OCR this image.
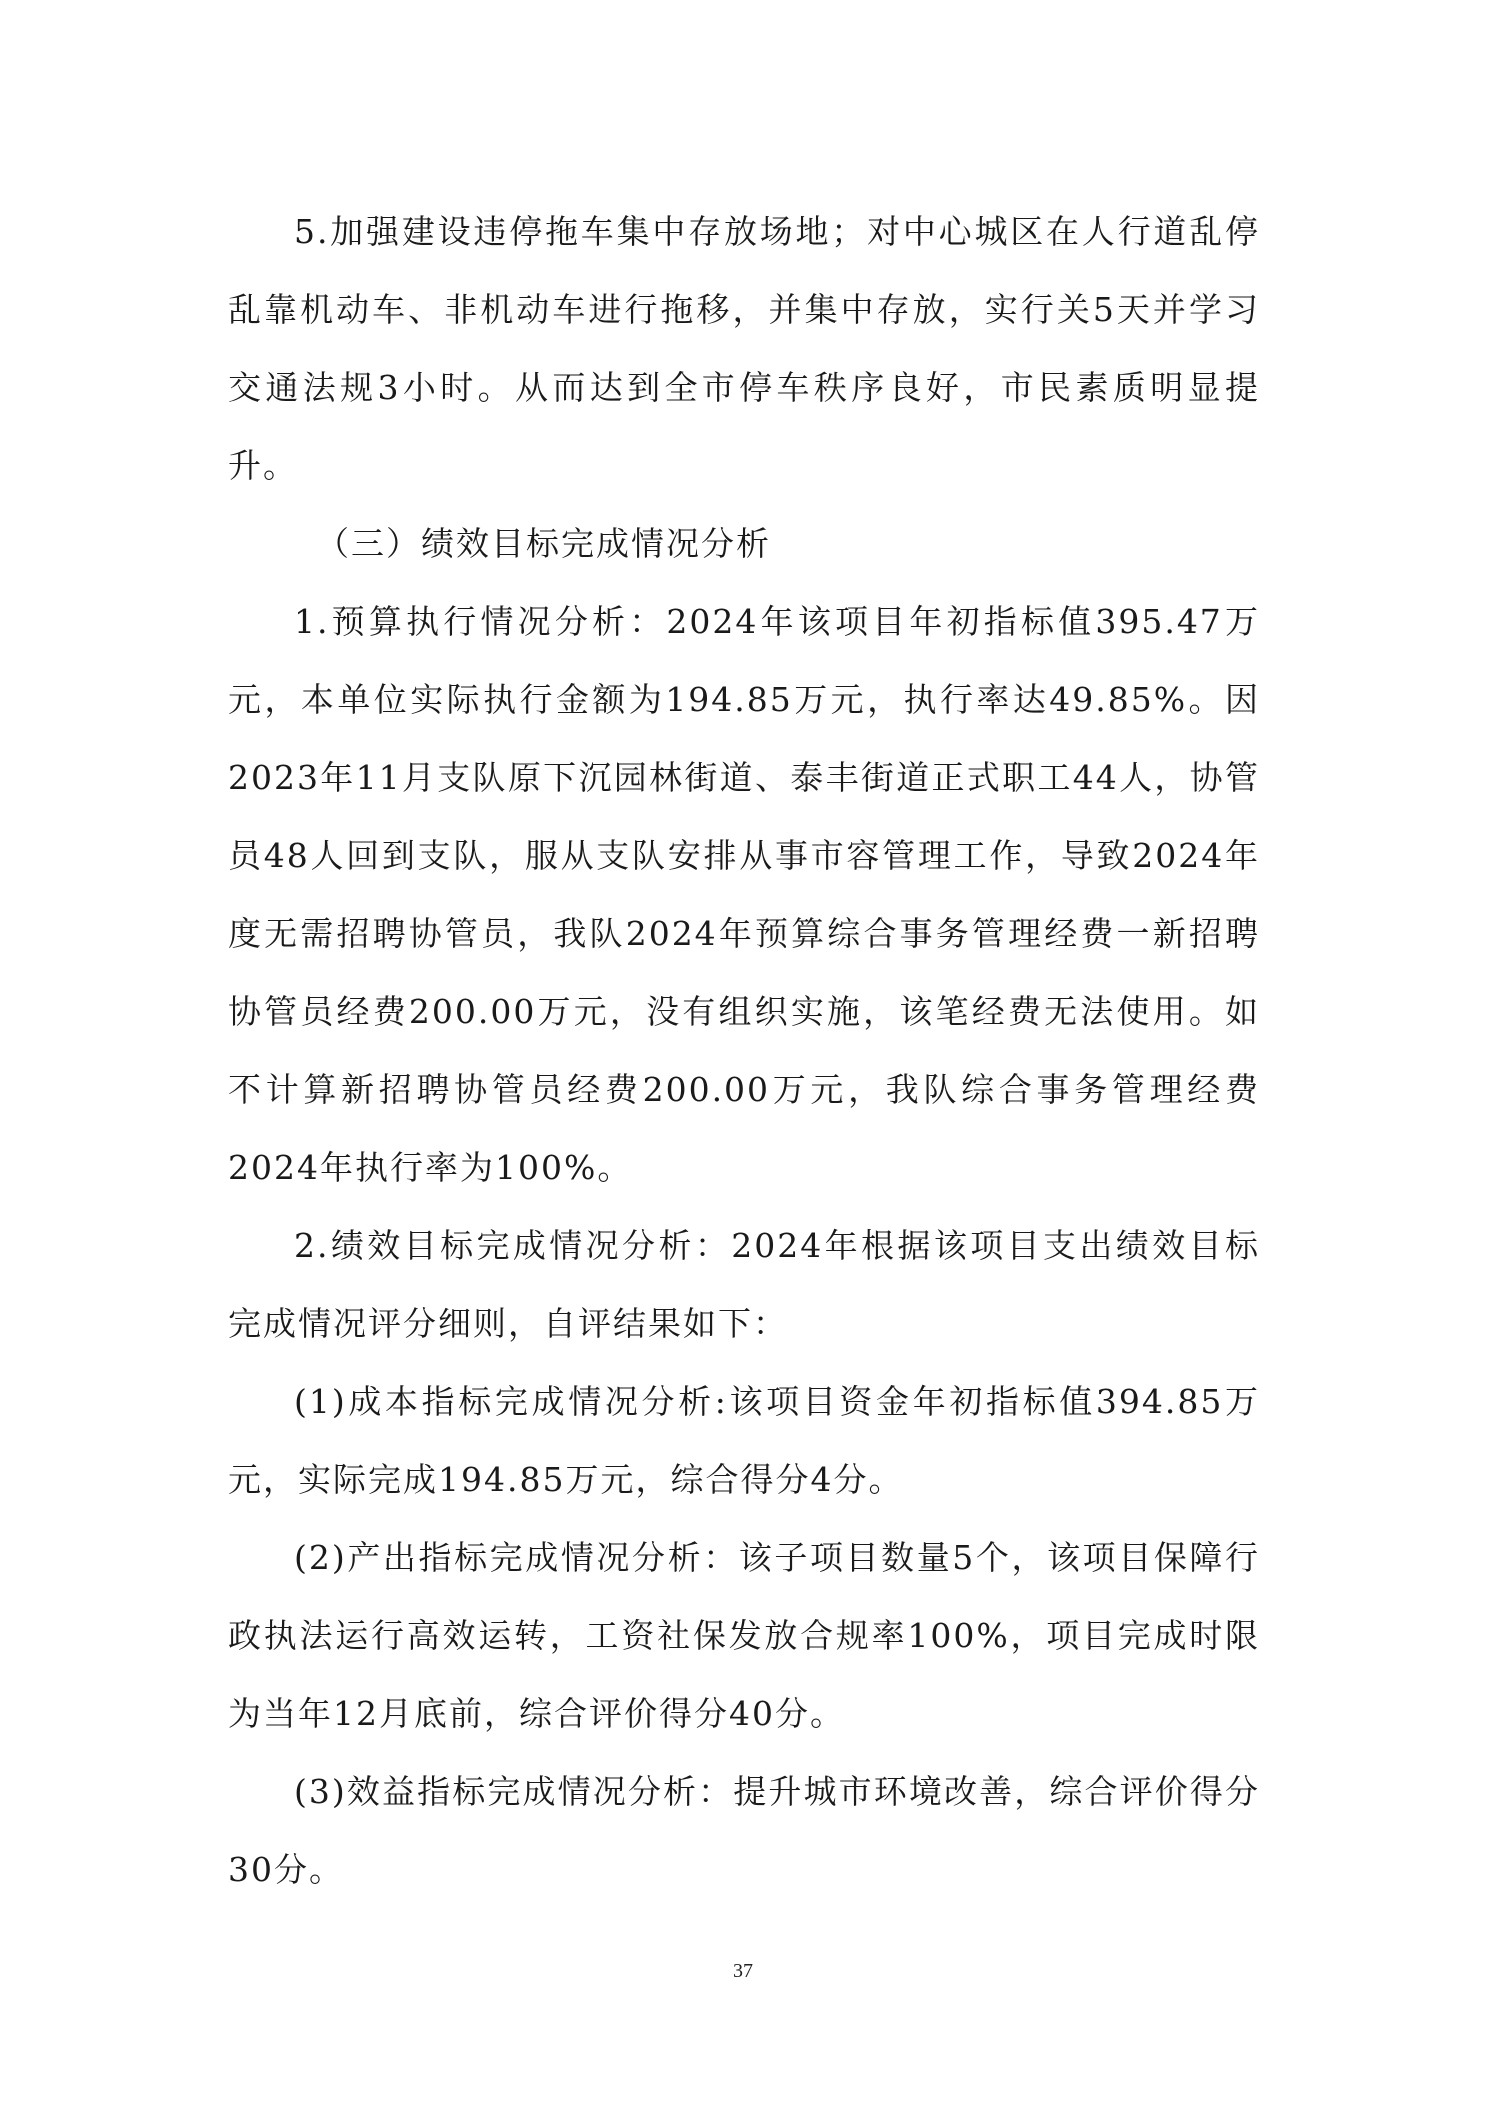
5.加强建设违停拖车集中存放场地；对中心城区在人行道乱停乱靠机动车、非机动车进行拖移，并集中存放，实行关5天并学习交通法规3小时。从而达到全市停车秩序良好，市民素质明显提升。

（三）绩效目标完成情况分析

1.预算执行情况分析：2024年该项目年初指标值395.47万元，本单位实际执行金额为194.85万元，执行率达49.85%。因2023年11月支队原下沉园林街道、泰丰街道正式职工44人，协管员48人回到支队，服从支队安排从事市容管理工作，导致2024年度无需招聘协管员，我队2024年预算综合事务管理经费一新招聘协管员经费200.00万元，没有组织实施，该笔经费无法使用。如不计算新招聘协管员经费200.00万元，我队综合事务管理经费2024年执行率为100%。

2.绩效目标完成情况分析：2024年根据该项目支出绩效目标完成情况评分细则，自评结果如下：

(1)成本指标完成情况分析:该项目资金年初指标值394.85万元，实际完成194.85万元，综合得分4分。

(2)产出指标完成情况分析：该子项目数量5个，该项目保障行政执法运行高效运转，工资社保发放合规率100%，项目完成时限为当年12月底前，综合评价得分40分。

(3)效益指标完成情况分析：提升城市环境改善，综合评价得分30分。

37
